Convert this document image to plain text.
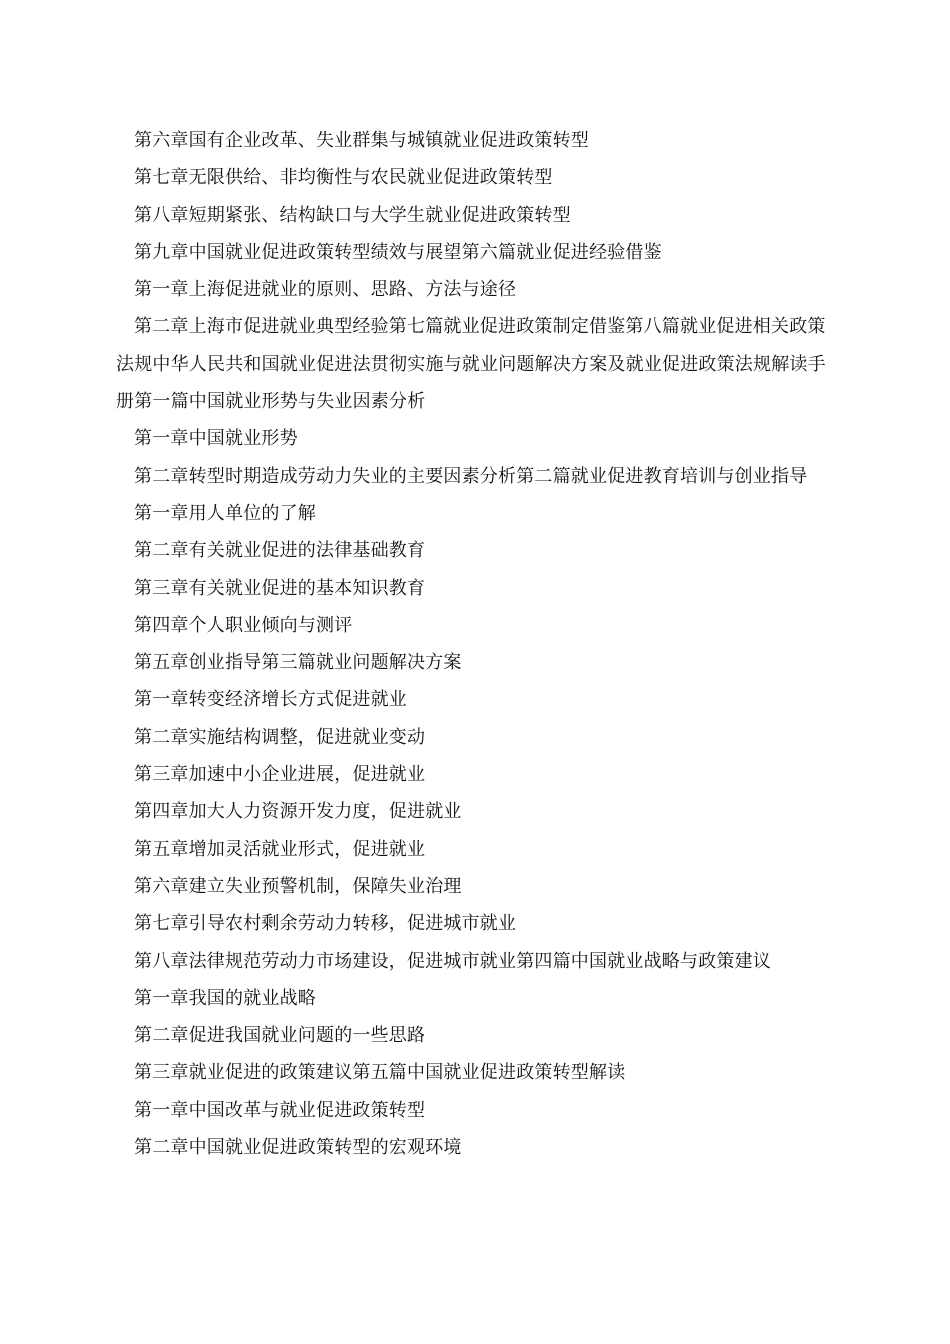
第六章国有企业改革、失业群集与城镇就业促进政策转型

第七章无限供给、非均衡性与农民就业促进政策转型

第八章短期紧张、结构缺口与大学生就业促进政策转型

第九章中国就业促进政策转型绩效与展望第六篇就业促进经验借鉴

第一章上海促进就业的原则、思路、方法与途径

第二章上海市促进就业典型经验第七篇就业促进政策制定借鉴第八篇就业促进相关政策法规中华人民共和国就业促进法贯彻实施与就业问题解决方案及就业促进政策法规解读手册第一篇中国就业形势与失业因素分析

第一章中国就业形势

第二章转型时期造成劳动力失业的主要因素分析第二篇就业促进教育培训与创业指导

第一章用人单位的了解

第二章有关就业促进的法律基础教育

第三章有关就业促进的基本知识教育

第四章个人职业倾向与测评

第五章创业指导第三篇就业问题解决方案

第一章转变经济增长方式促进就业

第二章实施结构调整，促进就业变动

第三章加速中小企业进展，促进就业

第四章加大人力资源开发力度，促进就业

第五章增加灵活就业形式，促进就业

第六章建立失业预警机制，保障失业治理

第七章引导农村剩余劳动力转移，促进城市就业

第八章法律规范劳动力市场建设，促进城市就业第四篇中国就业战略与政策建议

第一章我国的就业战略

第二章促进我国就业问题的一些思路

第三章就业促进的政策建议第五篇中国就业促进政策转型解读

第一章中国改革与就业促进政策转型

第二章中国就业促进政策转型的宏观环境
